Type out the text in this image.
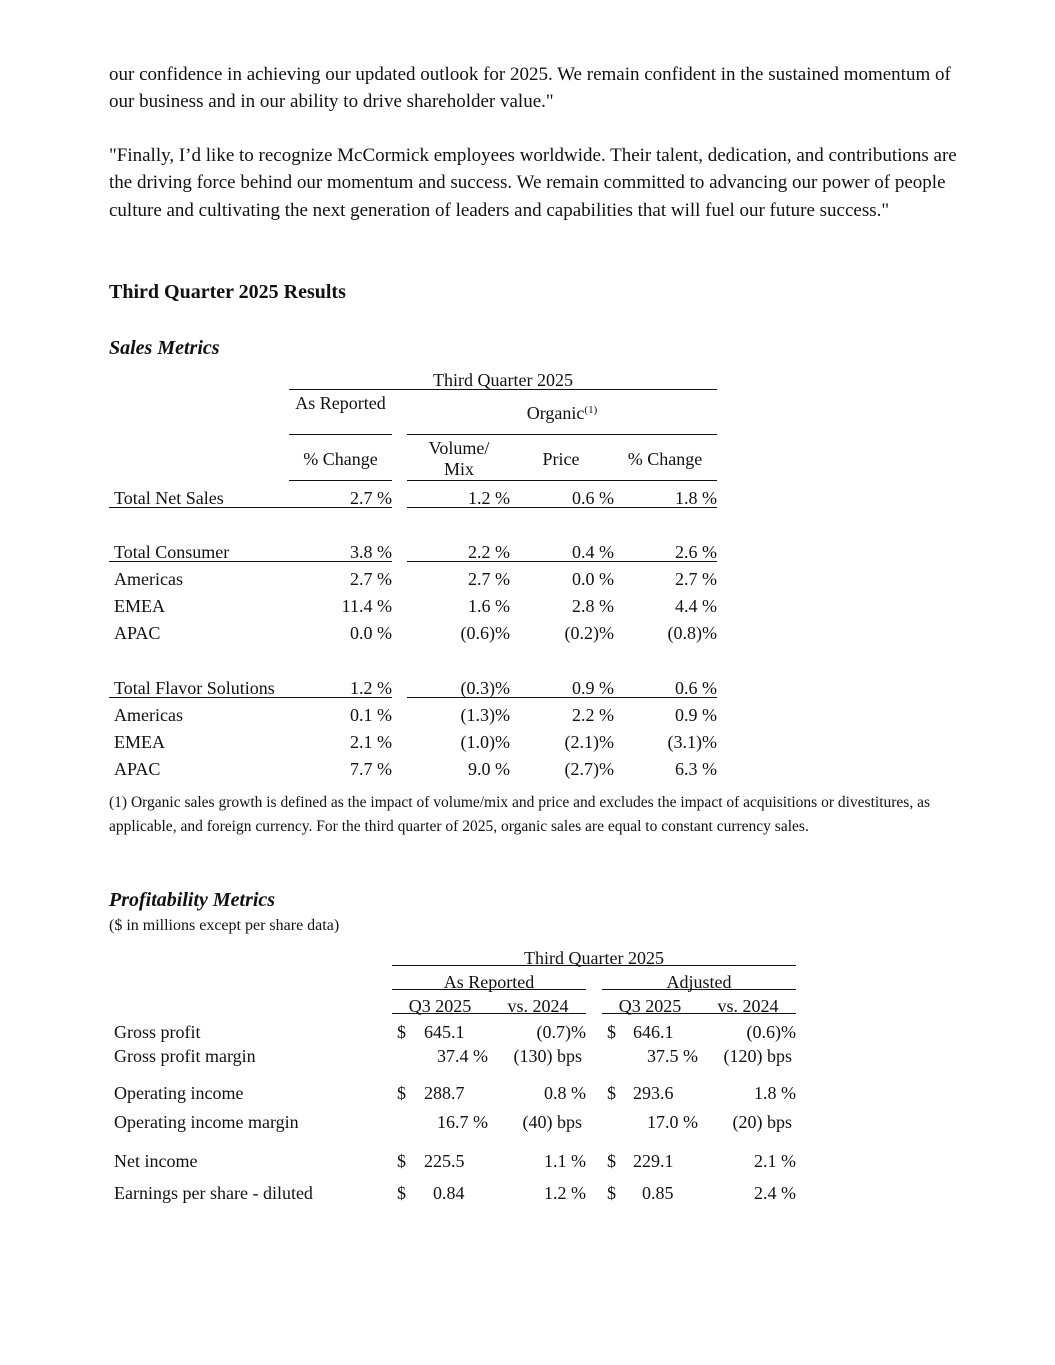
our confidence in achieving our updated outlook for 2025. We remain confident in the sustained momentum of our business and in our ability to drive shareholder value."

"Finally, I’d like to recognize McCormick employees worldwide. Their talent, dedication, and contributions are the driving force behind our momentum and success. We remain committed to advancing our power of people culture and cultivating the next generation of leaders and capabilities that will fuel our future success."

Third Quarter 2025 Results

Sales Metrics

Third Quarter 2025
As Reported	Organic$^{(1)}$
% Change
Volume/ Mix	Price	% Change
Total Net Sales	2.7 %	1.2 %	0.6 %	1.8 %
Total Consumer	3.8 %	2.2 %	0.4 %	2.6 %
Americas	2.7 %	2.7 %	0.0 %	2.7 %
EMEA	11.4 %	1.6 %	2.8 %	4.4 %
APAC	0.0 %	(0.6)%	(0.2)%	(0.8)%
Total Flavor Solutions	1.2 %	(0.3)%	0.9 %	0.6 %
Americas	0.1 %	(1.3)%	2.2 %	0.9 %
EMEA	2.1 %	(1.0)%	(2.1)%	(3.1)%
APAC	7.7 %	9.0 %	(2.7)%	6.3 %

(1) Organic sales growth is defined as the impact of volume/mix and price and excludes the impact of acquisitions or divestitures, as applicable, and foreign currency. For the third quarter of 2025, organic sales are equal to constant currency sales.

Profitability Metrics

($ in millions except per share data)

Third Quarter 2025
As Reported	Adjusted
Q3 2025	vs. 2024	Q3 2025	vs. 2024
Gross profit	$ 645.1	(0.7)% $ 646.1	(0.6)%
Gross profit margin	37.4 %	(130) bps	37.5 %	(120) bps
Operating income	$ 288.7	0.8 % $ 293.6	1.8 %
Operating income margin	16.7 %	(40) bps	17.0 %	(20) bps
Net income	$ 225.5	1.1 % $ 229.1	2.1 %
Earnings per share - diluted	$ 0.84	1.2 % $ 0.85	2.4 %
